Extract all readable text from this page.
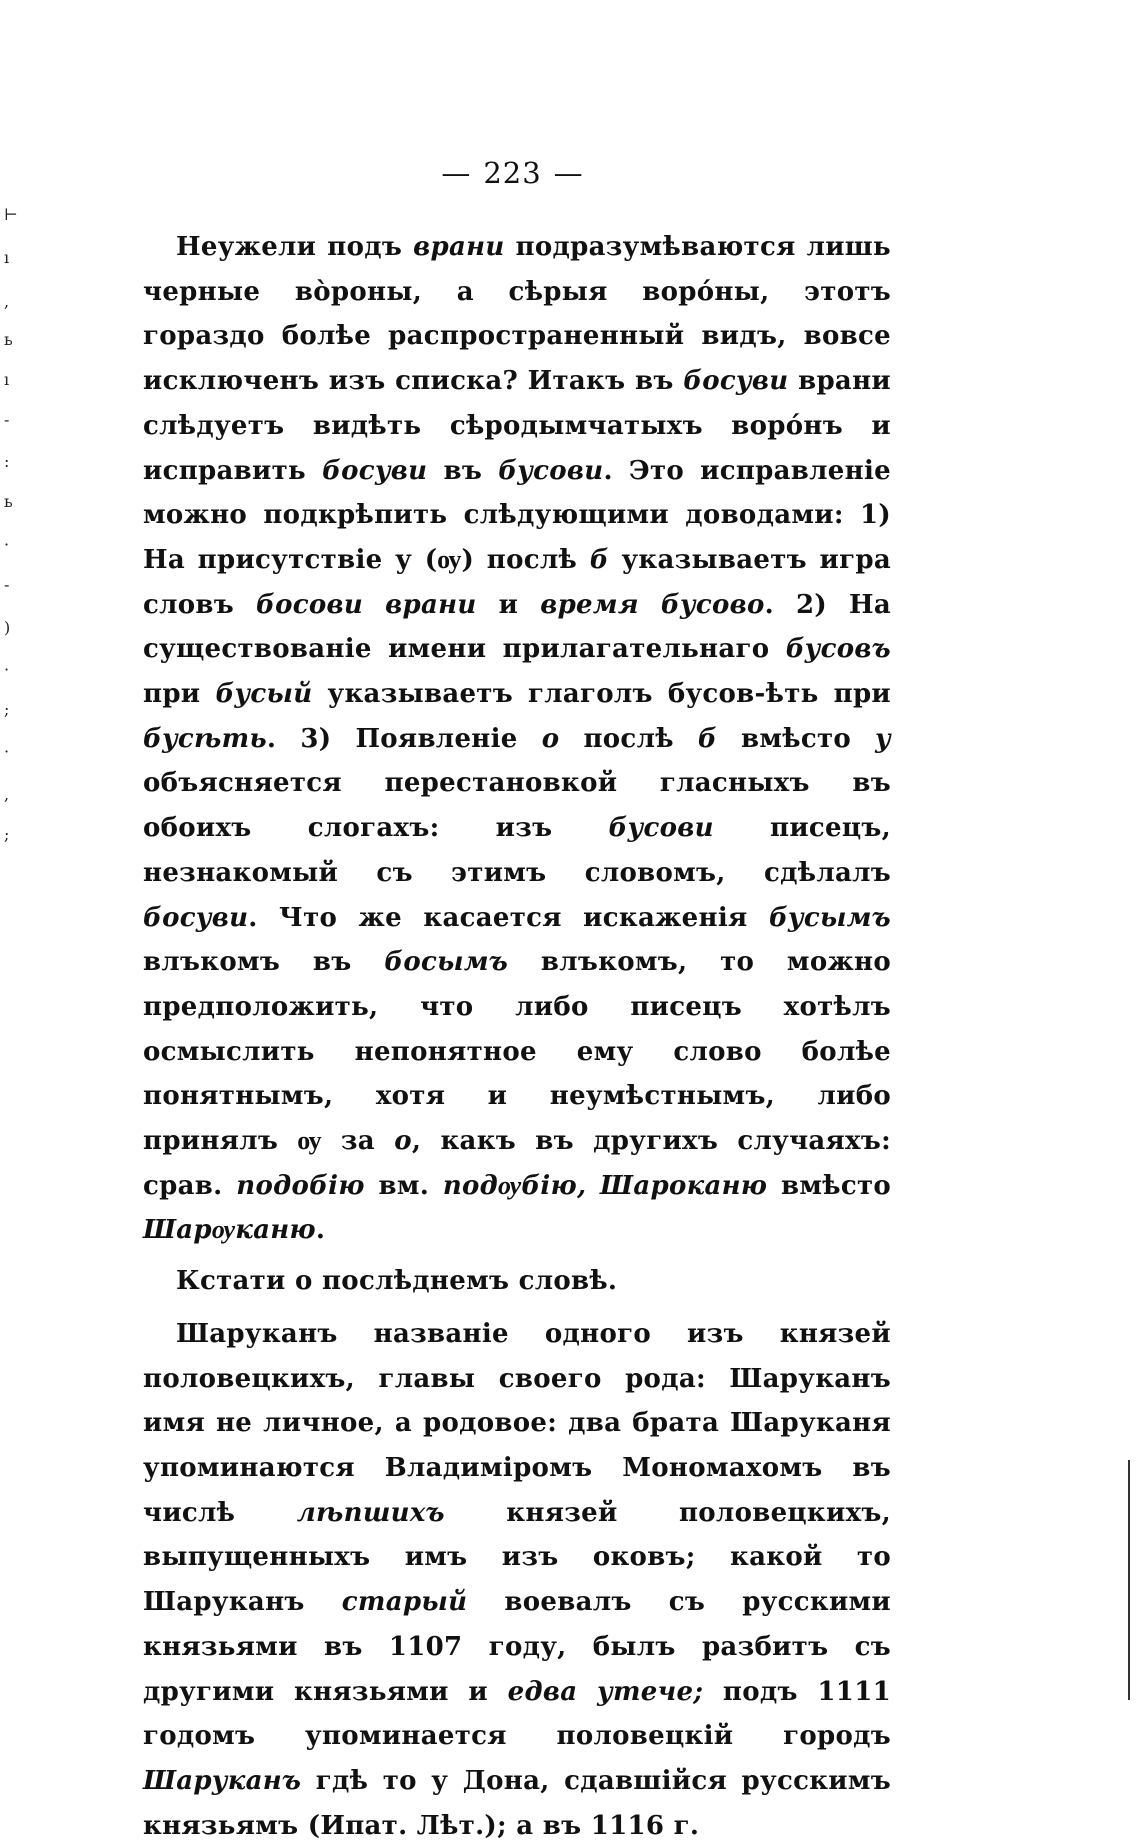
⊢
ı
,
ь
ı
-
:
ь
·
-
)
·
;
·
,
;
— 223 —

Неужели подъ врани подразумѣваются лишь черные во̀роны, а сѣрыя воро́ны, этотъ гораздо болѣе распространенный видъ, вовсе исключенъ изъ списка? Итакъ въ босуви врани слѣдуетъ видѣть сѣродымчатыхъ воро́нъ и исправить босуви въ бусови. Это исправленіе можно подкрѣпить слѣдующими доводами: 1) На присутствіе у (ѹ) послѣ б указываетъ игра словъ босови врани и время бусово. 2) На существованіе имени прилагательнаго бусовъ при бусый указываетъ глаголъ бусов-ѣть при бусѣть. 3) Появленіе о послѣ б вмѣсто у объясняется перестановкой гласныхъ въ обоихъ слогахъ: изъ бусови писецъ, незнакомый съ этимъ словомъ, сдѣлалъ босуви. Что же касается искаженія бусымъ влъкомъ въ босымъ влъкомъ, то можно предположить, что либо писецъ хотѣлъ осмыслить непонятное ему слово болѣе понятнымъ, хотя и неумѣстнымъ, либо принялъ ѹ за о, какъ въ другихъ случаяхъ: срав. подобію вм. подѹбію, Шароканю вмѣсто Шарѹканю.

Кстати о послѣднемъ словѣ.

Шаруканъ названіе одного изъ князей половецкихъ, главы своего рода: Шаруканъ имя не личное, а родовое: два брата Шаруканя упоминаются Владиміромъ Мономахомъ въ числѣ лѣпшихъ князей половецкихъ, выпущенныхъ имъ изъ оковъ; какой то Шаруканъ старый воевалъ съ русскими князьями въ 1107 году, былъ разбитъ съ другими князьями и едва утече; подъ 1111 годомъ упоминается половецкій городъ Шаруканъ гдѣ то у Дона, сдавшійся русскимъ князьямъ (Ипат. Лѣт.); а въ 1116 г.
